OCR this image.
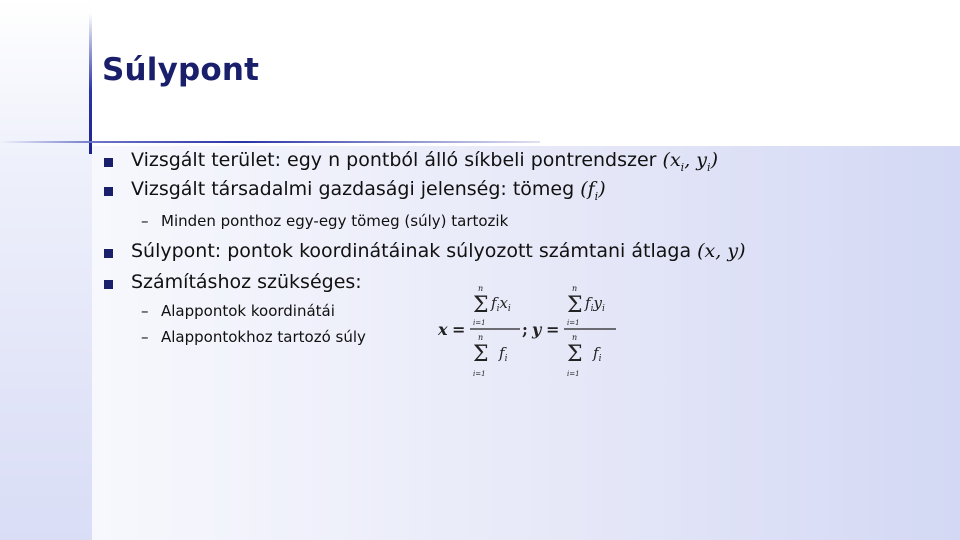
Súlypont
Vizsgált terület: egy n pontból álló síkbeli pontrendszer ($x_i$, $y_i$)
Vizsgált társadalmi gazdasági jelenség: tömeg $(f_i)$
– Minden ponthoz egy-egy tömeg (súly) tartozik
Súlypont: pontok koordinátáinak súlyozott számtani átlaga (x, y)
Számításhoz szükséges:
– Alappontok koordinátái
– Alappontokhoz tartozó súly	x =
n
Σ
i=1
$f_ix_i$
n
Σ
i=1
$f_i$
; y =
n
Σ
i=1
$f_iy_i$
n
Σ
i=1
$f_i$
